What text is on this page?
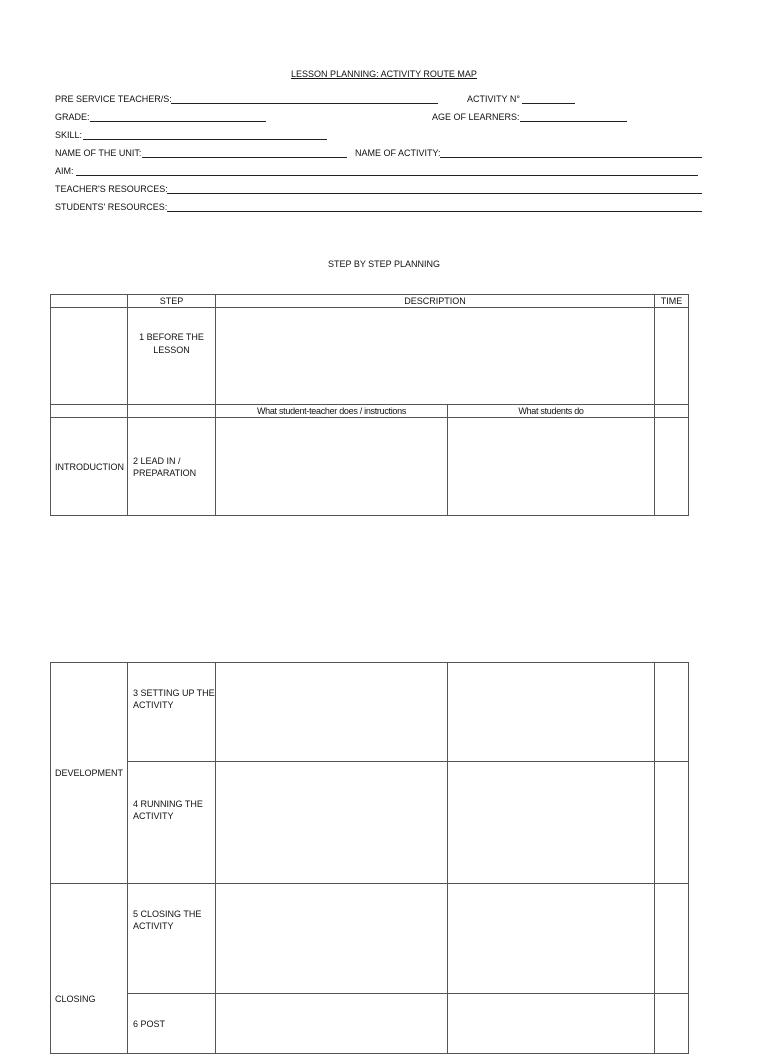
LESSON PLANNING: ACTIVITY ROUTE MAP
PRE SERVICE TEACHER/S:	ACTIVITY N°
GRADE:	AGE OF LEARNERS:
SKILL:
NAME OF THE UNIT:	NAME OF ACTIVITY:
AIM:
TEACHER'S RESOURCES:
STUDENTS' RESOURCES:
STEP BY STEP PLANNING
	STEP	DESCRIPTION		TIME
	1 BEFORE THE LESSON			
		What student-teacher does / instructions	What students do	
INTRODUCTION	2 LEAD IN / PREPARATION			
DEVELOPMENT	3 SETTING UP THE ACTIVITY			
	4 RUNNING THE ACTIVITY			
CLOSING	5 CLOSING THE ACTIVITY			
	6 POST			
